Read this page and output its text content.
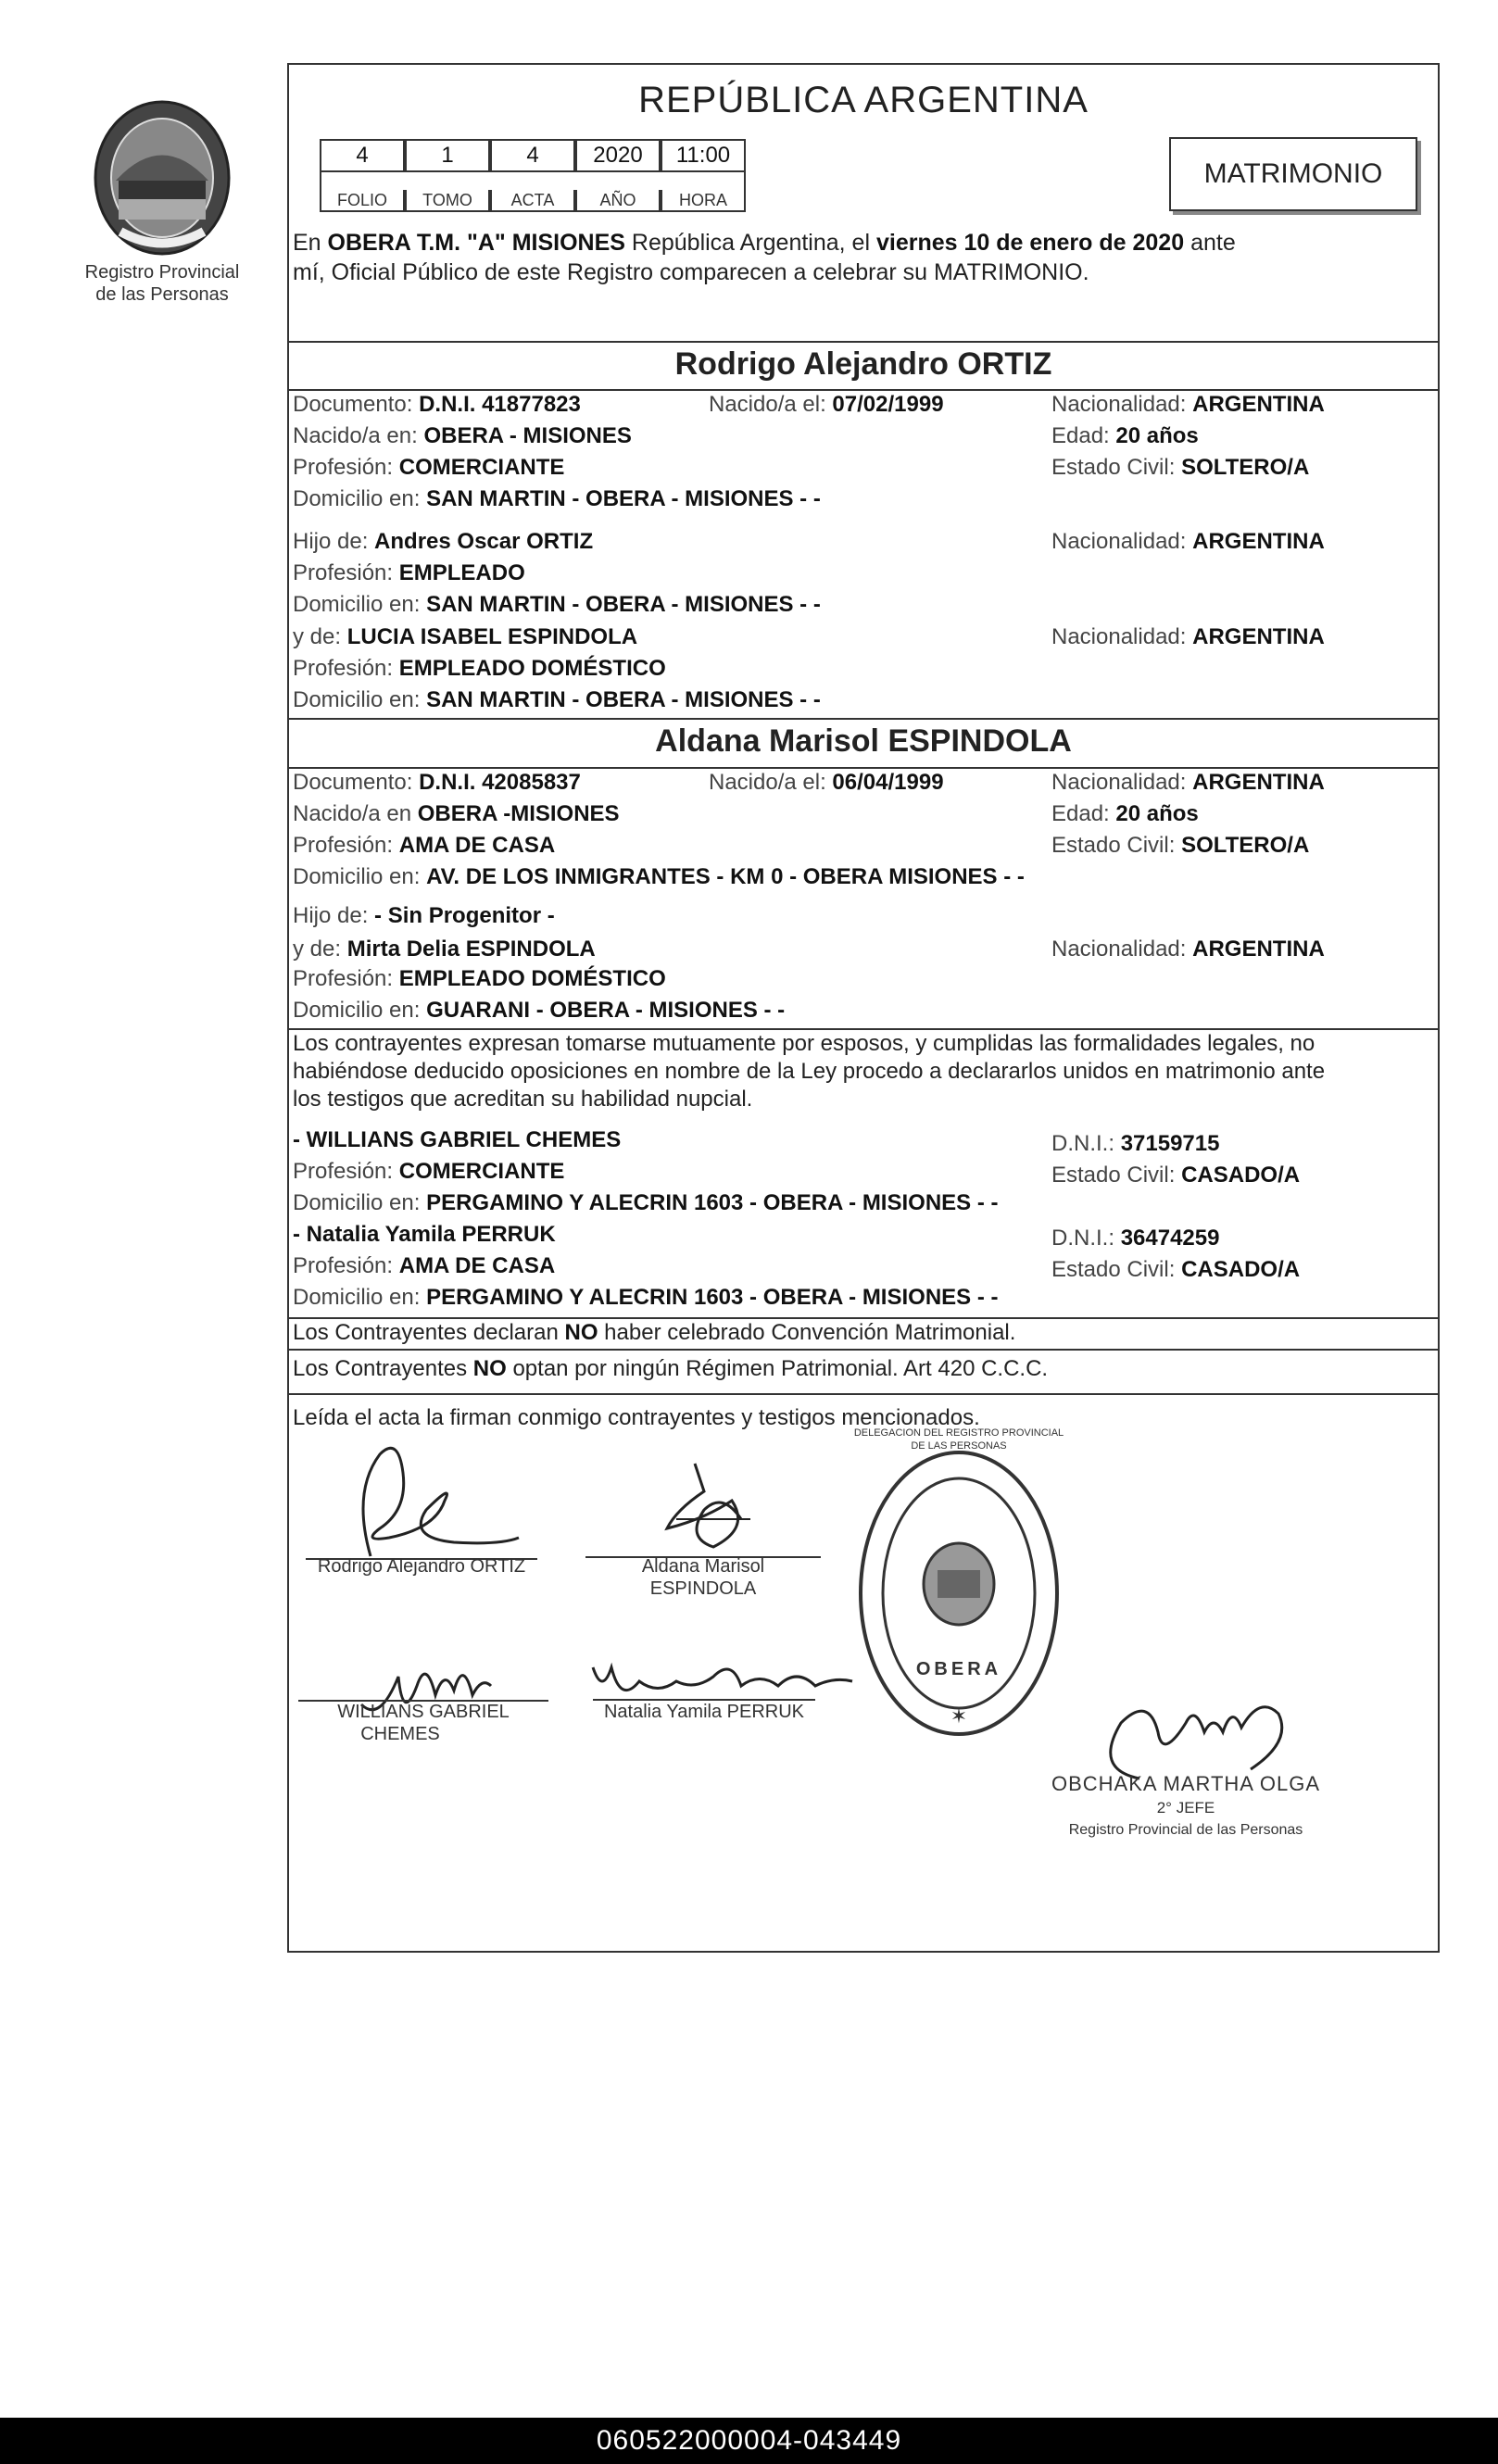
Registro Provincial
de las Personas
REPÚBLICA ARGENTINA
4	1	4	2020	11:00
FOLIO	TOMO	ACTA	AÑO	HORA
MATRIMONIO
En OBERA T.M. "A" MISIONES República Argentina, el viernes 10 de enero de 2020 ante
mí, Oficial Público de este Registro comparecen a celebrar su MATRIMONIO.
Rodrigo Alejandro ORTIZ
Documento: D.N.I. 41877823	Nacido/a el: 07/02/1999	Nacionalidad: ARGENTINA
Nacido/a en: OBERA - MISIONES	Edad: 20 años
Profesión: COMERCIANTE	Estado Civil: SOLTERO/A
Domicilio en: SAN MARTIN - OBERA - MISIONES - -
Hijo de: Andres Oscar ORTIZ	Nacionalidad: ARGENTINA
Profesión: EMPLEADO
Domicilio en: SAN MARTIN - OBERA - MISIONES - -
y de: LUCIA ISABEL ESPINDOLA	Nacionalidad: ARGENTINA
Profesión: EMPLEADO DOMÉSTICO
Domicilio en: SAN MARTIN - OBERA - MISIONES - -
Aldana Marisol ESPINDOLA
Documento: D.N.I. 42085837	Nacido/a el: 06/04/1999	Nacionalidad: ARGENTINA
Nacido/a en OBERA -MISIONES	Edad: 20 años
Profesión: AMA DE CASA	Estado Civil: SOLTERO/A
Domicilio en: AV. DE LOS INMIGRANTES - KM 0 - OBERA MISIONES - -
Hijo de: - Sin Progenitor -
y de: Mirta Delia ESPINDOLA	Nacionalidad: ARGENTINA
Profesión: EMPLEADO DOMÉSTICO
Domicilio en: GUARANI - OBERA - MISIONES - -
Los contrayentes expresan tomarse mutuamente por esposos, y cumplidas las formalidades legales, no
habiéndose deducido oposiciones en nombre de la Ley procedo a declararlos unidos en matrimonio ante
los testigos que acreditan su habilidad nupcial.
- WILLIANS GABRIEL CHEMES	D.N.I.: 37159715
Profesión: COMERCIANTE	Estado Civil: CASADO/A
Domicilio en: PERGAMINO Y ALECRIN 1603 - OBERA - MISIONES - -
- Natalia Yamila PERRUK	D.N.I.: 36474259
Profesión: AMA DE CASA	Estado Civil: CASADO/A
Domicilio en: PERGAMINO Y ALECRIN 1603 - OBERA - MISIONES - -
Los Contrayentes declaran NO haber celebrado Convención Matrimonial.
Los Contrayentes NO optan por ningún Régimen Patrimonial. Art 420 C.C.C.
Leída el acta la firman conmigo contrayentes y testigos mencionados.
Rodrigo Alejandro ORTIZ	Aldana Marisol
ESPINDOLA
WILLIANS GABRIEL
CHEMES
Natalia Yamila PERRUK	✶
OBERA
DELEGACION DEL REGISTRO PROVINCIAL DE LAS PERSONAS
OBCHAKA MARTHA OLGA
2° JEFE
Registro Provincial de las Personas
060522000004-043449
